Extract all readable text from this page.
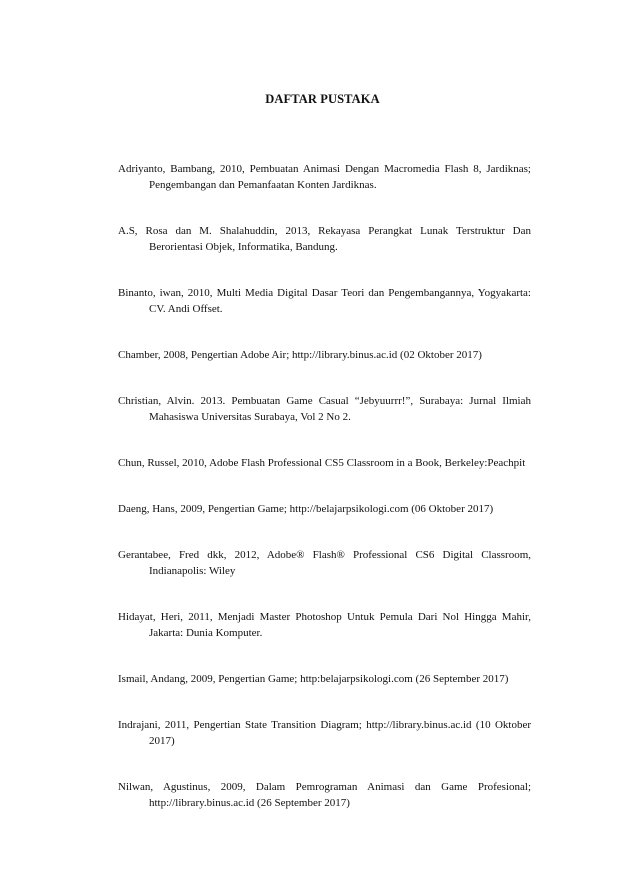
DAFTAR PUSTAKA
Adriyanto, Bambang, 2010, Pembuatan Animasi Dengan Macromedia Flash 8, Jardiknas; Pengembangan dan Pemanfaatan Konten Jardiknas.
A.S, Rosa dan M. Shalahuddin, 2013, Rekayasa Perangkat Lunak Terstruktur Dan Berorientasi Objek, Informatika, Bandung.
Binanto, iwan, 2010, Multi Media Digital Dasar Teori dan Pengembangannya, Yogyakarta: CV. Andi Offset.
Chamber, 2008, Pengertian Adobe Air; http://library.binus.ac.id (02 Oktober 2017)
Christian, Alvin. 2013. Pembuatan Game Casual “Jebyuurrr!”, Surabaya: Jurnal Ilmiah Mahasiswa Universitas Surabaya, Vol 2 No 2.
Chun, Russel, 2010, Adobe Flash Professional CS5 Classroom in a Book, Berkeley:Peachpit
Daeng, Hans, 2009, Pengertian Game; http://belajarpsikologi.com (06 Oktober 2017)
Gerantabee, Fred dkk, 2012, Adobe® Flash® Professional CS6 Digital Classroom, Indianapolis: Wiley
Hidayat, Heri, 2011, Menjadi Master Photoshop Untuk Pemula Dari Nol Hingga Mahir, Jakarta: Dunia Komputer.
Ismail, Andang, 2009, Pengertian Game; http:belajarpsikologi.com (26 September 2017)
Indrajani, 2011, Pengertian State Transition Diagram; http://library.binus.ac.id (10 Oktober 2017)
Nilwan, Agustinus, 2009, Dalam Pemrograman Animasi dan Game Profesional; http://library.binus.ac.id (26 September 2017)
